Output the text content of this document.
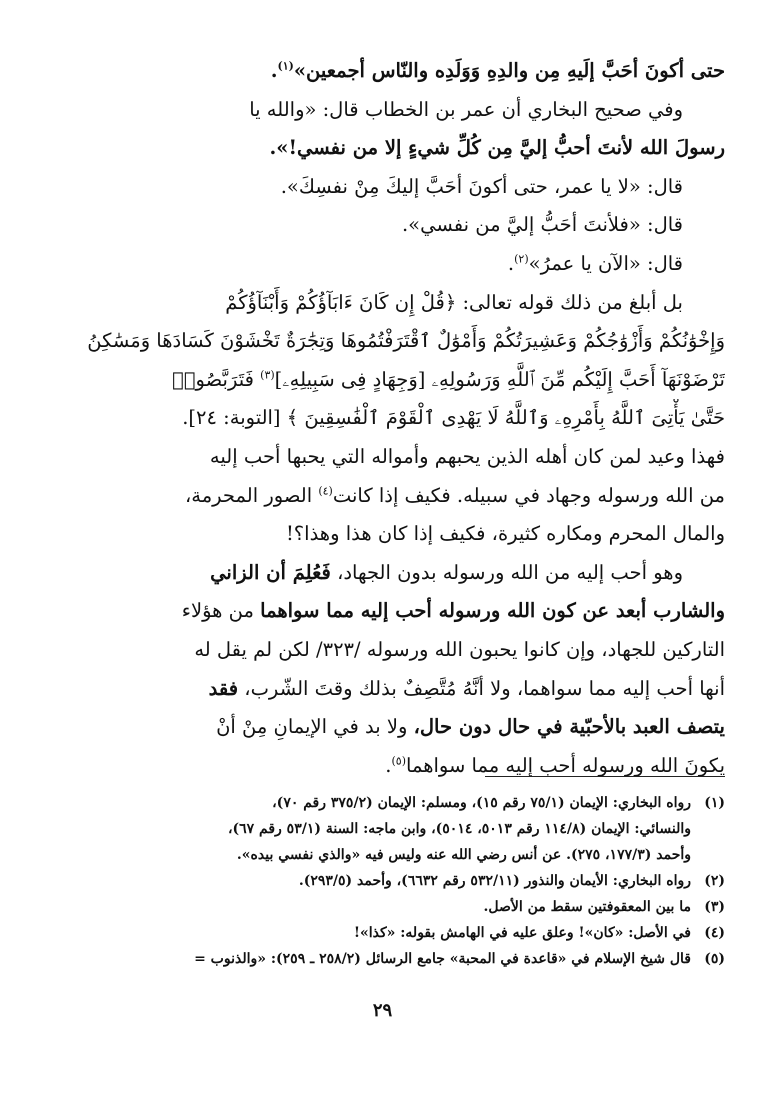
حتى أكونَ أحَبَّ إلَيهِ مِن والدِهِ وَوَلَدِه والنّاس أجمعين»$^{(١)}$.
وفي صحيح البخاري أن عمر بن الخطاب قال: «والله يا
رسولَ الله لأنتَ أحبُّ إليَّ مِن كُلِّ شيءٍ إلا من نفسي!».
قال: «لا يا عمر، حتى أكونَ أحَبَّ إليكَ مِنْ نفسِكَ».
قال: «فلأنتَ أحَبُّ إليَّ من نفسي».
قال: «الآن يا عمرُ»$^{(٢)}$.
بل أبلغ من ذلك قوله تعالى: ﴿قُلْ إِن كَانَ ءَابَآؤُكُمْ وَأَبْنَآؤُكُمْ
وَإِخْوَٰنُكُمْ وَأَزْوَٰجُكُمْ وَعَشِيرَتُكُمْ وَأَمْوَٰلٌ ٱقْتَرَفْتُمُوهَا وَتِجَٰرَةٌ تَخْشَوْنَ كَسَادَهَا وَمَسَٰكِنُ
تَرْضَوْنَهَآ أَحَبَّ إِلَيْكُم مِّنَ ٱللَّهِ وَرَسُولِهِۦ [وَجِهَادٍ فِى سَبِيلِهِۦ]$^{(٣)}$ فَتَرَبَّصُوا۟
حَتَّىٰ يَأْتِىَ ٱللَّهُ بِأَمْرِهِۦ وَٱللَّهُ لَا يَهْدِى ٱلْقَوْمَ ٱلْفَٰسِقِينَ ﴾ [التوبة: ٢٤].
فهذا وعيد لمن كان أهله الذين يحبهم وأمواله التي يحبها أحب إليه
من الله ورسوله وجهاد في سبيله. فكيف إذا كانت$^{(٤)}$ الصور المحرمة،
والمال المحرم ومكاره كثيرة، فكيف إذا كان هذا وهذا؟!
وهو أحب إليه من الله ورسوله بدون الجهاد، فَعُلِمَ أن الزاني
والشارب أبعد عن كون الله ورسوله أحب إليه مما سواهما من هؤلاء
التاركين للجهاد، وإن كانوا يحبون الله ورسوله /٣٢٣/ لكن لم يقل له
أنها أحب إليه مما سواهما، ولا أنَّهُ مُتَّصِفٌ بذلك وقتَ الشّرب، فقد
يتصف العبد بالأحبّية في حال دون حال، ولا بد في الإيمانِ مِنْ أنْ
يكونَ الله ورسوله أحب إليه مما سواهما$^{(٥)}$.
(١)
رواه البخاري: الإيمان (٧٥/١ رقم ١٥)، ومسلم: الإيمان (٣٧٥/٢ رقم ٧٠)،
والنسائي: الإيمان (١١٤/٨ رقم ٥٠١٣، ٥٠١٤)، وابن ماجه: السنة (٥٣/١ رقم ٦٧)،
وأحمد (١٧٧/٣، ٢٧٥). عن أنس رضي الله عنه وليس فيه «والذي نفسي بيده».
(٢)
رواه البخاري: الأيمان والنذور (٥٣٢/١١ رقم ٦٦٣٢)، وأحمد (٢٩٣/٥).
(٣)
ما بين المعقوفتين سقط من الأصل.
(٤)
في الأصل: «كان»! وعلق عليه في الهامش بقوله: «كذا»!
(٥)
قال شيخ الإسلام في «قاعدة في المحبة» جامع الرسائل (٢٥٨/٢ ـ ٢٥٩): «والذنوب =
٢٩
